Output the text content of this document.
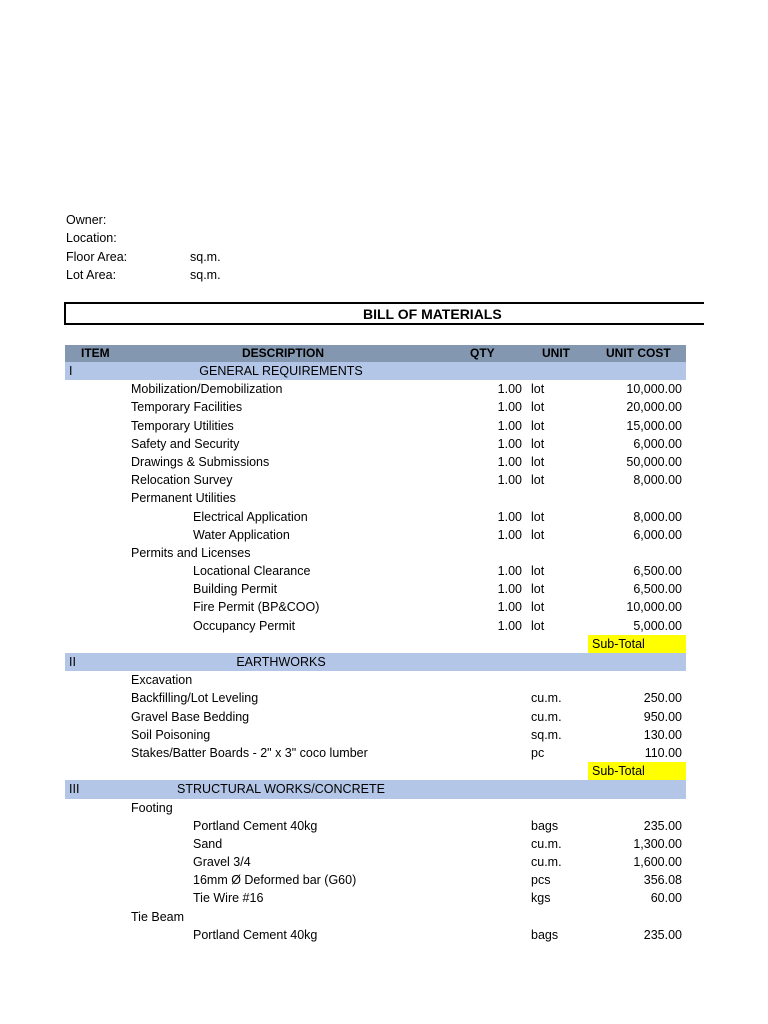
Owner:
Location:
Floor Area:	sq.m.
Lot Area:	sq.m.
BILL OF MATERIALS
ITEM	DESCRIPTION	QTY	UNIT	UNIT COST
I	GENERAL REQUIREMENTS
Mobilization/Demobilization	1.00 lot	10,000.00
Temporary Facilities	1.00 lot	20,000.00
Temporary Utilities	1.00 lot	15,000.00
Safety and Security	1.00 lot	6,000.00
Drawings & Submissions	1.00 lot	50,000.00
Relocation Survey	1.00 lot	8,000.00
Permanent Utilities
Electrical Application	1.00 lot	8,000.00
Water Application	1.00 lot	6,000.00
Permits and Licenses
Locational Clearance	1.00 lot	6,500.00
Building Permit	1.00 lot	6,500.00
Fire Permit (BP&COO)	1.00 lot	10,000.00
Occupancy Permit	1.00 lot	5,000.00
Sub-Total
II	EARTHWORKS
Excavation
Backfilling/Lot Leveling	cu.m.	250.00
Gravel Base Bedding	cu.m.	950.00
Soil Poisoning	sq.m.	130.00
Stakes/Batter Boards - 2" x 3" coco lumber	pc	110.00
Sub-Total
III	STRUCTURAL WORKS/CONCRETE
Footing
Portland Cement 40kg	bags	235.00
Sand	cu.m.	1,300.00
Gravel 3/4	cu.m.	1,600.00
16mm Ø Deformed bar (G60)	pcs	356.08
Tie Wire #16	kgs	60.00
Tie Beam
Portland Cement 40kg	bags	235.00
